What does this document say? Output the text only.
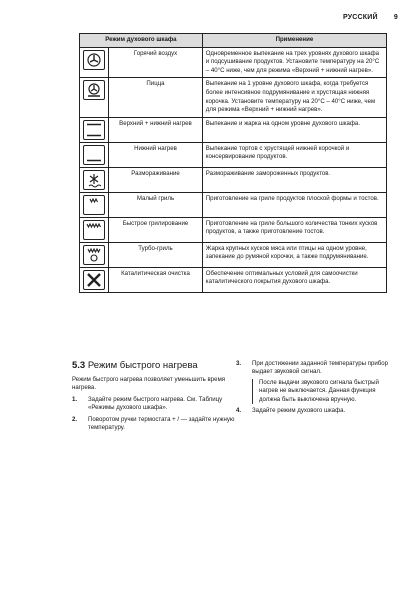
РУССКИЙ 9
Режим духового шкафа		Применение

	Горячий воздух	Одновременное выпекание на трех уровнях духового шкафа и подсушивание продуктов. Установите температуру на 20°C – 40°C ниже, чем для режима «Верхний + нижний нагрев».

	Пицца	Выпекание на 1 уровне духового шкафа, когда требуется более интенсивное подрумянивание и хрустящая нижняя корочка. Установите температуру на 20°C – 40°C ниже, чем для режима «Верхний + нижний нагрев».

	Верхний + нижний нагрев	Выпекание и жарка на одном уровне духового шкафа.

	Нижний нагрев	Выпекание тортов с хрустящей нижней корочкой и консервирование продуктов.

	Размораживание	Размораживание замороженных продуктов.

	Малый гриль	Приготовление на гриле продуктов плоской формы и тостов.

	Быстрое грилирование	Приготовление на гриле большого количества тонких кусков продуктов, а также приготовление тостов.

	Турбо-гриль	Жарка крупных кусков мяса или птицы на одном уровне, запекание до румяной корочки, а также подрумянивание.

	Каталитическая очистка	Обеспечение оптимальных условий для самоочистки каталитического покрытия духового шкафа.
5.3 Режим быстрого нагрева
Режим быстрого нагрева позволяет уменьшить время нагрева.
1.	Задайте режим быстрого нагрева. См. Таблицу «Режимы духового шкафа».
2.	Поворотом ручки термостата + / — задайте нужную температуру.
3.	При достижении заданной температуры прибор выдает звуковой сигнал.
После выдачи звукового сигнала быстрый нагрев не выключается. Данная функция должна быть выключена вручную.
4.	Задайте режим духового шкафа.
